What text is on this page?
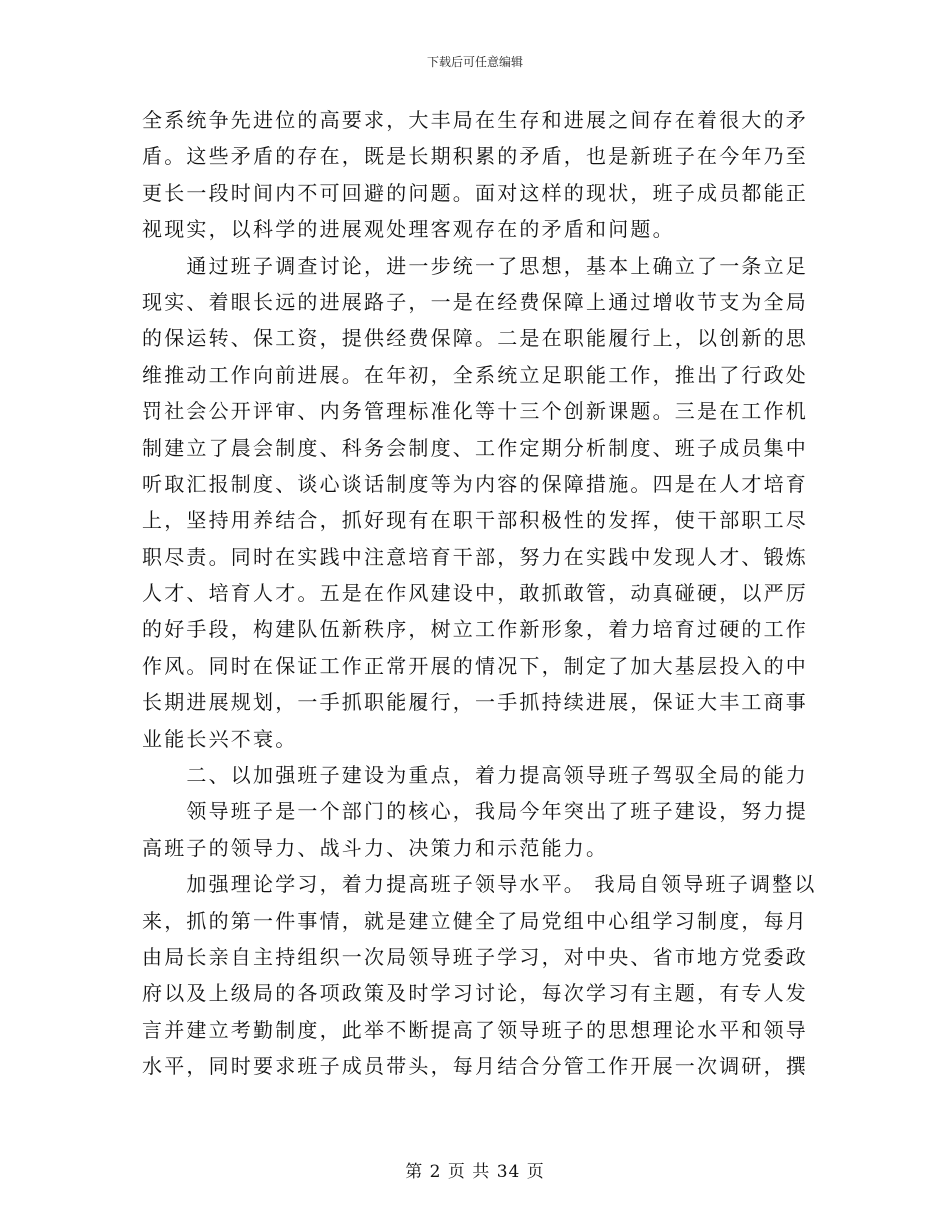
下载后可任意编辑
全系统争先进位的高要求，大丰局在生存和进展之间存在着很大的矛
盾。这些矛盾的存在，既是长期积累的矛盾，也是新班子在今年乃至
更长一段时间内不可回避的问题。面对这样的现状，班子成员都能正
视现实，以科学的进展观处理客观存在的矛盾和问题。
　　通过班子调查讨论，进一步统一了思想，基本上确立了一条立足
现实、着眼长远的进展路子，一是在经费保障上通过增收节支为全局
的保运转、保工资，提供经费保障。二是在职能履行上，以创新的思
维推动工作向前进展。在年初，全系统立足职能工作，推出了行政处
罚社会公开评审、内务管理标准化等十三个创新课题。三是在工作机
制建立了晨会制度、科务会制度、工作定期分析制度、班子成员集中
听取汇报制度、谈心谈话制度等为内容的保障措施。四是在人才培育
上，坚持用养结合，抓好现有在职干部积极性的发挥，使干部职工尽
职尽责。同时在实践中注意培育干部，努力在实践中发现人才、锻炼
人才、培育人才。五是在作风建设中，敢抓敢管，动真碰硬，以严厉
的好手段，构建队伍新秩序，树立工作新形象，着力培育过硬的工作
作风。同时在保证工作正常开展的情况下，制定了加大基层投入的中
长期进展规划，一手抓职能履行，一手抓持续进展，保证大丰工商事
业能长兴不衰。
　　二、以加强班子建设为重点，着力提高领导班子驾驭全局的能力
　　领导班子是一个部门的核心，我局今年突出了班子建设，努力提
高班子的领导力、战斗力、决策力和示范能力。
　　加强理论学习，着力提高班子领导水平。 我局自领导班子调整以
来，抓的第一件事情，就是建立健全了局党组中心组学习制度，每月
由局长亲自主持组织一次局领导班子学习，对中央、省市地方党委政
府以及上级局的各项政策及时学习讨论，每次学习有主题，有专人发
言并建立考勤制度，此举不断提高了领导班子的思想理论水平和领导
水平，同时要求班子成员带头，每月结合分管工作开展一次调研，撰
第 2 页 共 34 页
